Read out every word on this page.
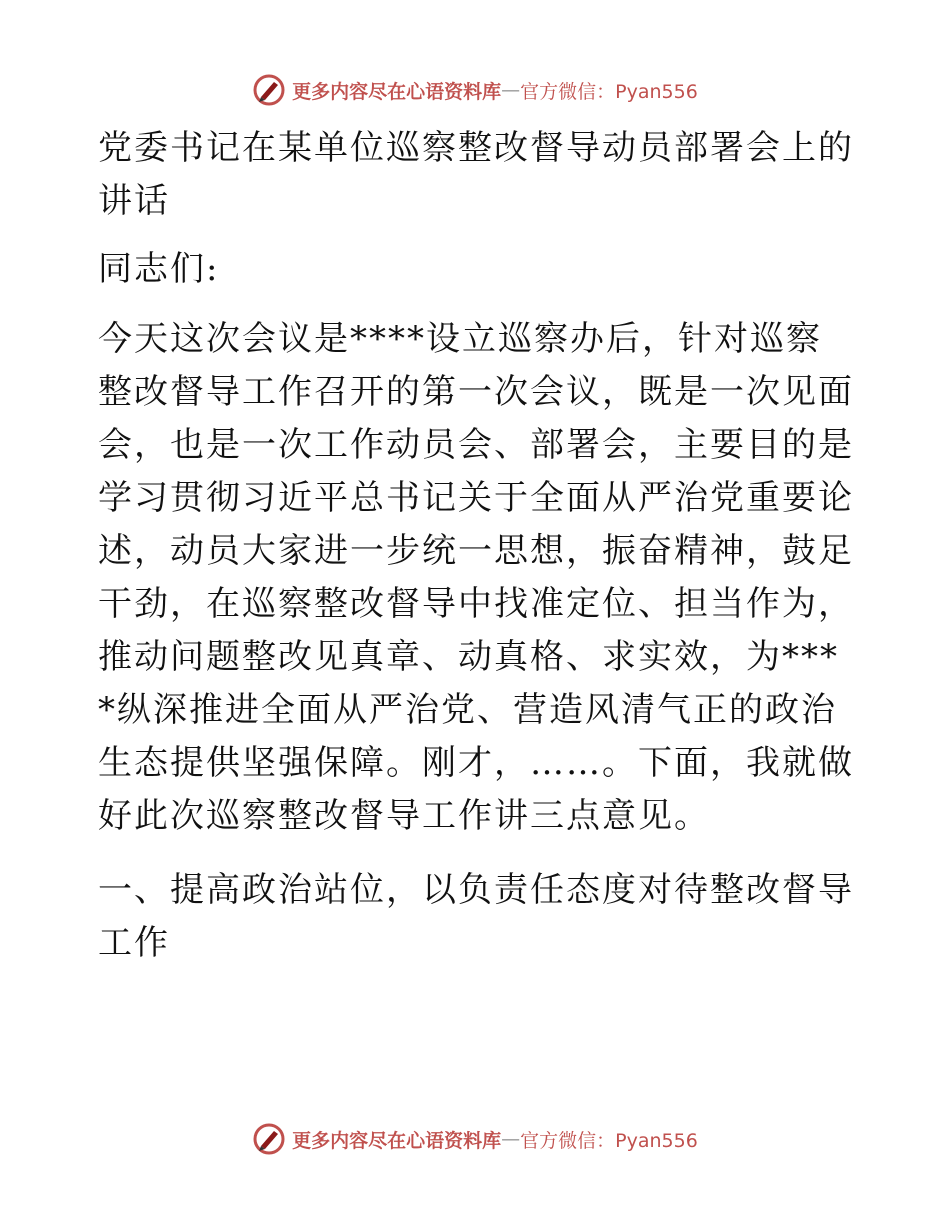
更多内容尽在心语资料库 — 官方微信：Pyan556

党委书记在某单位巡察整改督导动员部署会上的讲话

同志们:

今天这次会议是****设立巡察办后，针对巡察整改督导工作召开的第一次会议，既是一次见面会，也是一次工作动员会、部署会，主要目的是学习贯彻习近平总书记关于全面从严治党重要论述，动员大家进一步统一思想，振奋精神，鼓足干劲，在巡察整改督导中找准定位、担当作为，推动问题整改见真章、动真格、求实效，为****纵深推进全面从严治党、营造风清气正的政治生态提供坚强保障。刚才，……。下面，我就做好此次巡察整改督导工作讲三点意见。

一、提高政治站位，以负责任态度对待整改督导工作

更多内容尽在心语资料库 — 官方微信：Pyan556
